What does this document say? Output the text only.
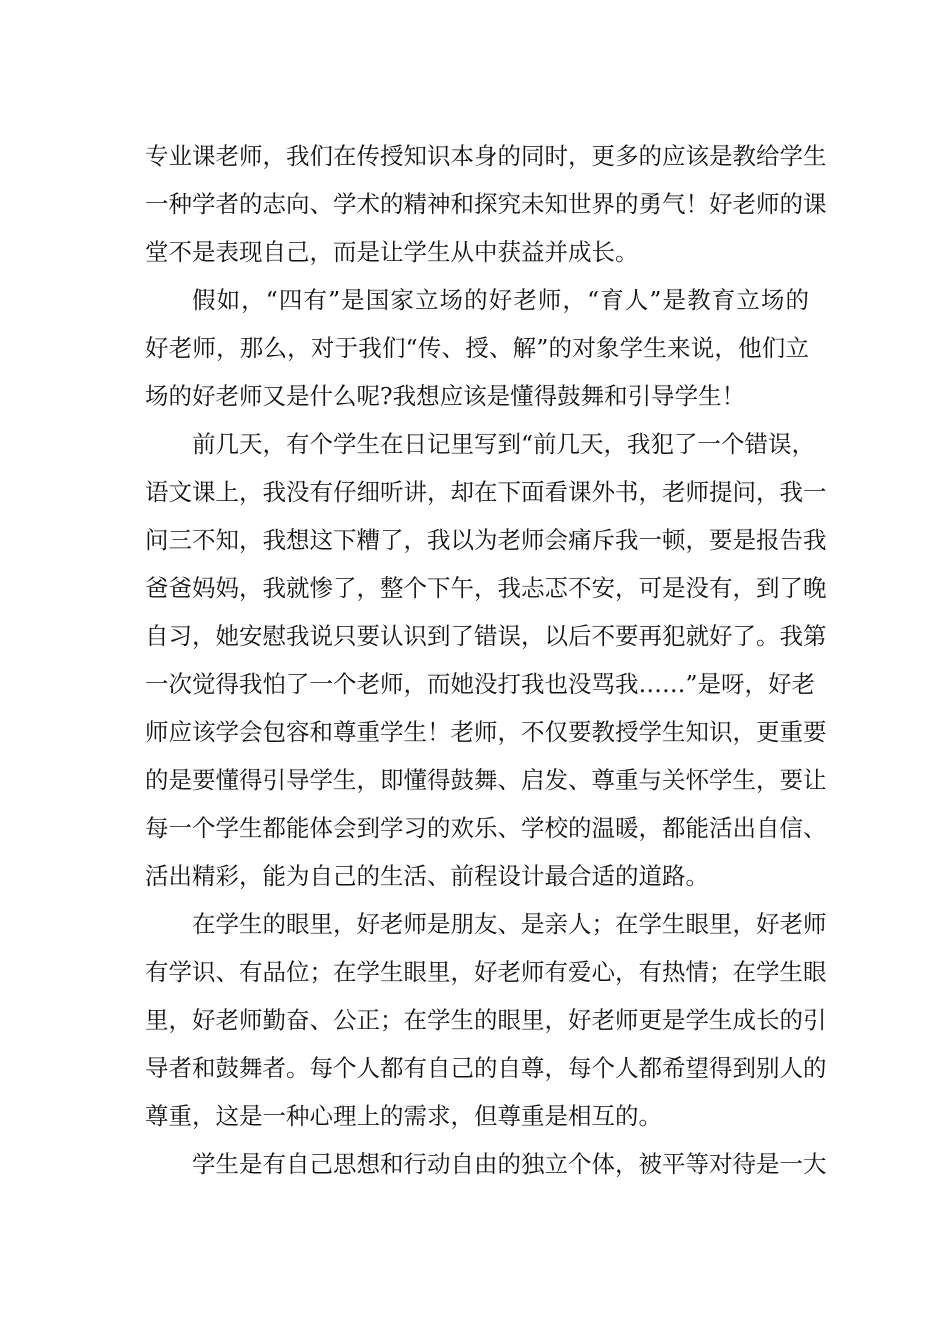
专业课老师，我们在传授知识本身的同时，更多的应该是教给学生
一种学者的志向、学术的精神和探究未知世界的勇气！好老师的课
堂不是表现自己，而是让学生从中获益并成长。
假如，“四有”是国家立场的好老师，“育人”是教育立场的
好老师，那么，对于我们“传、授、解”的对象学生来说，他们立
场的好老师又是什么呢?我想应该是懂得鼓舞和引导学生！
前几天，有个学生在日记里写到“前几天，我犯了一个错误，
语文课上，我没有仔细听讲，却在下面看课外书，老师提问，我一
问三不知，我想这下糟了，我以为老师会痛斥我一顿，要是报告我
爸爸妈妈，我就惨了，整个下午，我忐忑不安，可是没有，到了晚
自习，她安慰我说只要认识到了错误，以后不要再犯就好了。我第
一次觉得我怕了一个老师，而她没打我也没骂我……”是呀，好老
师应该学会包容和尊重学生！老师，不仅要教授学生知识，更重要
的是要懂得引导学生，即懂得鼓舞、启发、尊重与关怀学生，要让
每一个学生都能体会到学习的欢乐、学校的温暖，都能活出自信、
活出精彩，能为自己的生活、前程设计最合适的道路。
在学生的眼里，好老师是朋友、是亲人；在学生眼里，好老师
有学识、有品位；在学生眼里，好老师有爱心，有热情；在学生眼
里，好老师勤奋、公正；在学生的眼里，好老师更是学生成长的引
导者和鼓舞者。每个人都有自己的自尊，每个人都希望得到别人的
尊重，这是一种心理上的需求，但尊重是相互的。
学生是有自己思想和行动自由的独立个体，被平等对待是一大
